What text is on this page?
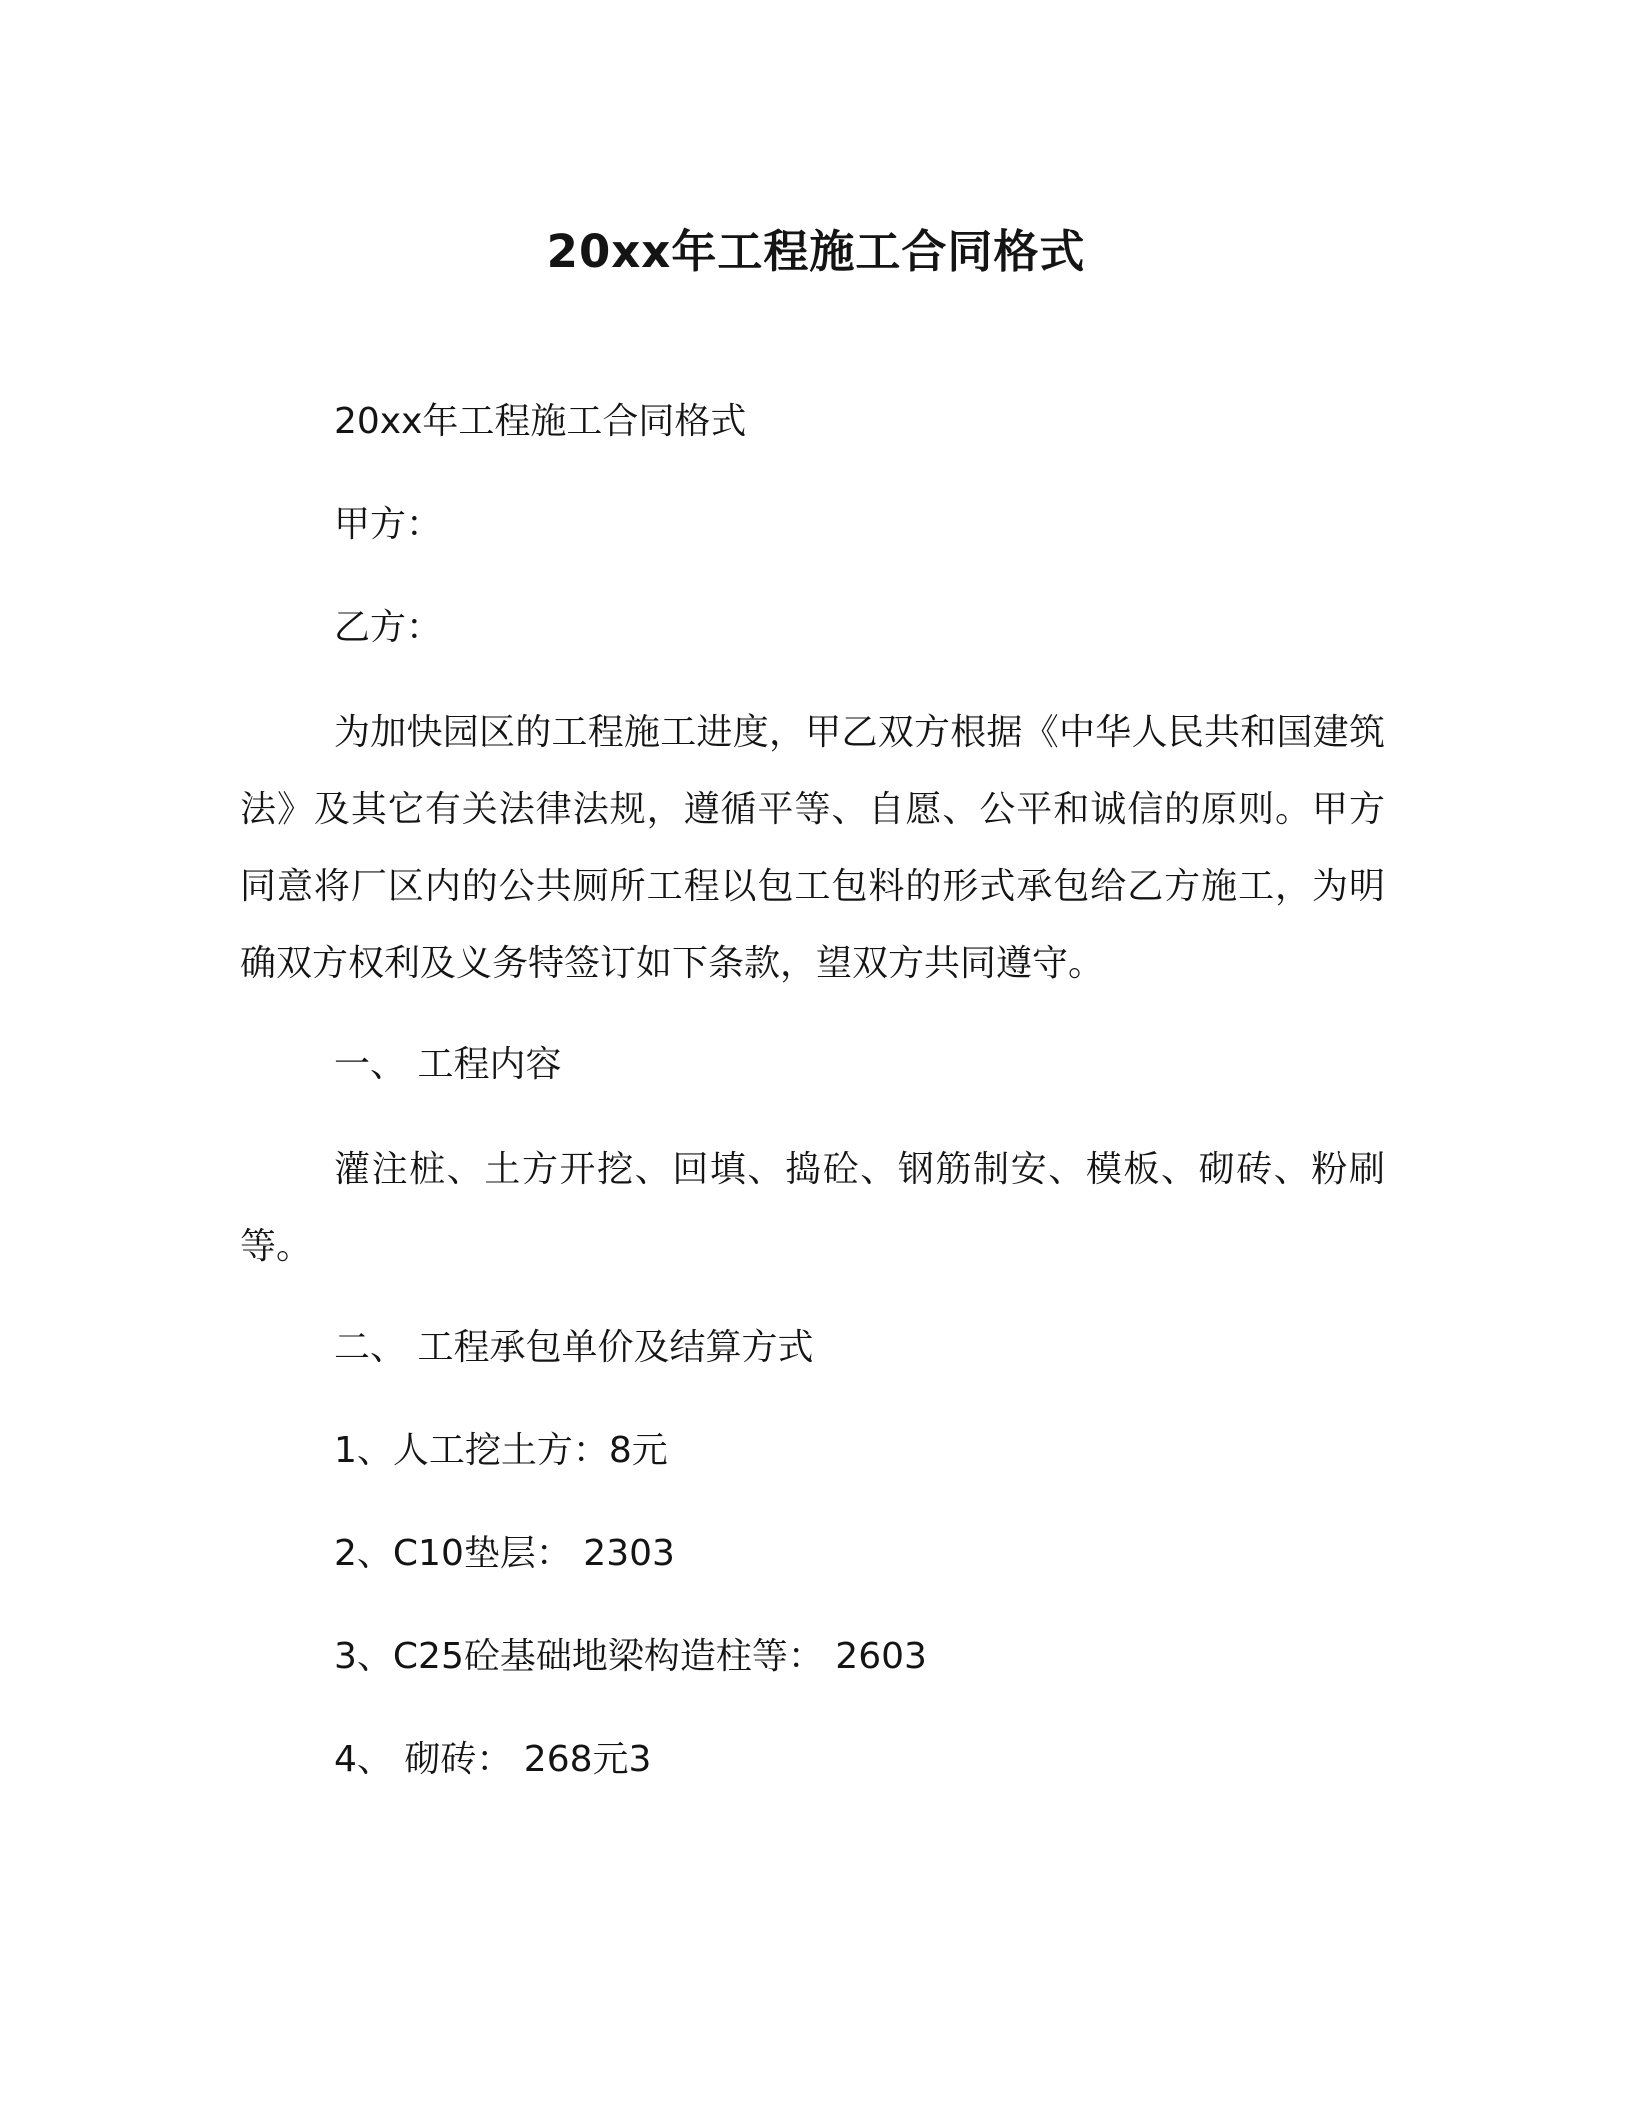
20xx年工程施工合同格式

20xx年工程施工合同格式

甲方：

乙方：

为加快园区的工程施工进度，甲乙双方根据《中华人民共和国建筑法》及其它有关法律法规，遵循平等、自愿、公平和诚信的原则。甲方同意将厂区内的公共厕所工程以包工包料的形式承包给乙方施工，为明确双方权利及义务特签订如下条款，望双方共同遵守。

一、 工程内容

灌注桩、土方开挖、回填、捣砼、钢筋制安、模板、砌砖、粉刷等。

二、 工程承包单价及结算方式

1、人工挖土方：8元

2、C10垫层： 2303

3、C25砼基础地梁构造柱等： 2603

4、 砌砖： 268元3
